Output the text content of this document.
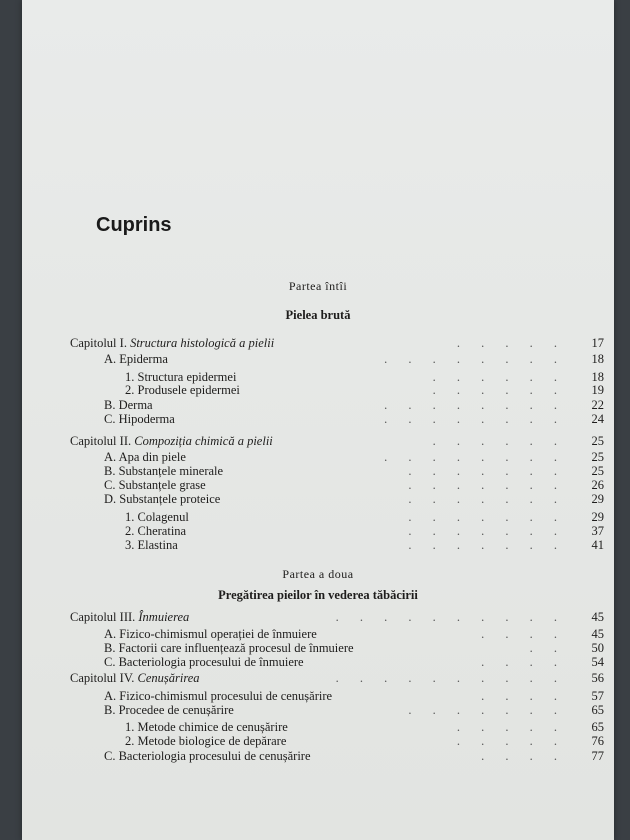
Cuprins
Partea întîi
Pielea brută
Capitolul I. Structura histologică a pielii	. . . . .	17
A. Epiderma	. . . . . . . .	18
1. Structura epidermei	. . . . . .	18
2. Produsele epidermei	. . . . . .	19
B. Derma	. . . . . . . .	22
C. Hipoderma	. . . . . . . .	24
Capitolul II. Compoziția chimică a pielii	. . . . . .	25
A. Apa din piele	. . . . . . . .	25
B. Substanțele minerale	. . . . . . .	25
C. Substanțele grase	. . . . . . .	26
D. Substanțele proteice	. . . . . . .	29
1. Colagenul	. . . . . . .	29
2. Cheratina	. . . . . . .	37
3. Elastina	. . . . . . .	41
Partea a doua
Pregătirea pieilor în vederea tăbăcirii
Capitolul III. Înmuierea	. . . . . . . . . .	45
A. Fizico-chimismul operației de înmuiere	. . . .	45
B. Factorii care influențează procesul de înmuiere	. .	50
C. Bacteriologia procesului de înmuiere	. . . .	54
Capitolul IV. Cenușărirea	. . . . . . . . . .	56
A. Fizico-chimismul procesului de cenușărire	. . . .	57
B. Procedee de cenușărire	. . . . . . .	65
1. Metode chimice de cenușărire	. . . . .	65
2. Metode biologice de depărare	. . . . .	76
C. Bacteriologia procesului de cenușărire	. . . .	77
